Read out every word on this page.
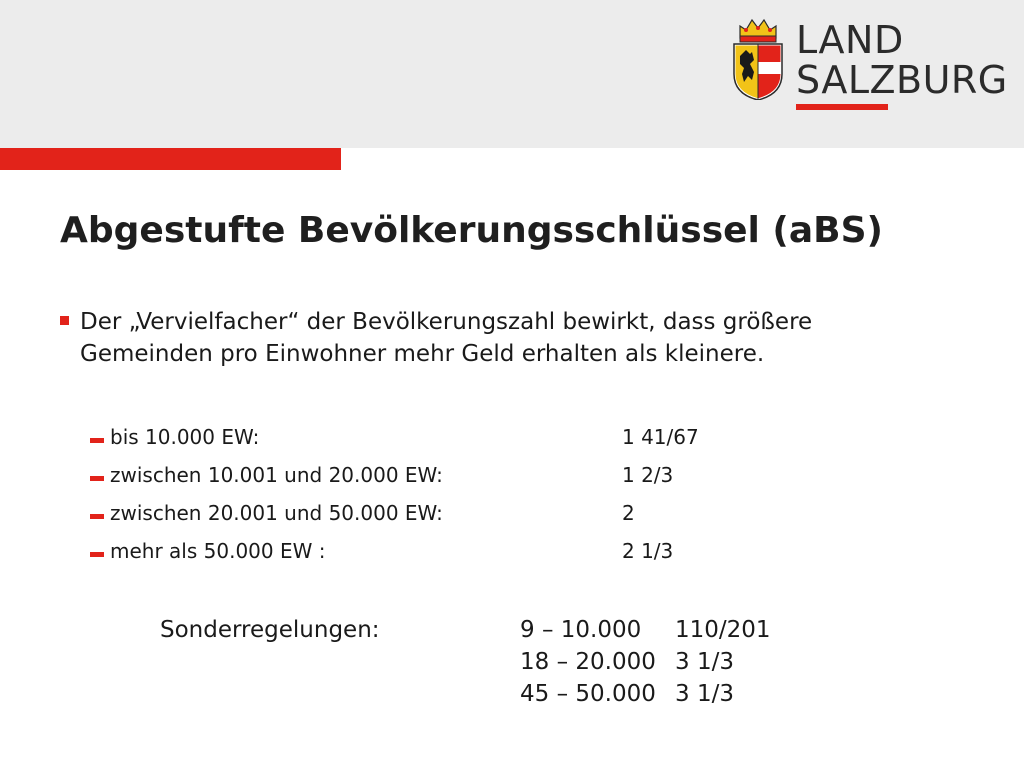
LAND
SALZBURG
Abgestufte Bevölkerungsschlüssel (aBS)
Der „Vervielfacher“ der Bevölkerungszahl bewirkt, dass größere Gemeinden pro Einwohner mehr Geld erhalten als kleinere.
bis 10.000 EW:	1 41/67
zwischen 10.001 und 20.000 EW:	1 2/3
zwischen 20.001 und 50.000 EW:	2
mehr als 50.000 EW :	2 1/3
Sonderregelungen:	9 – 10.000 110/201
18 – 20.000 3 1/3
45 – 50.000 3 1/3
